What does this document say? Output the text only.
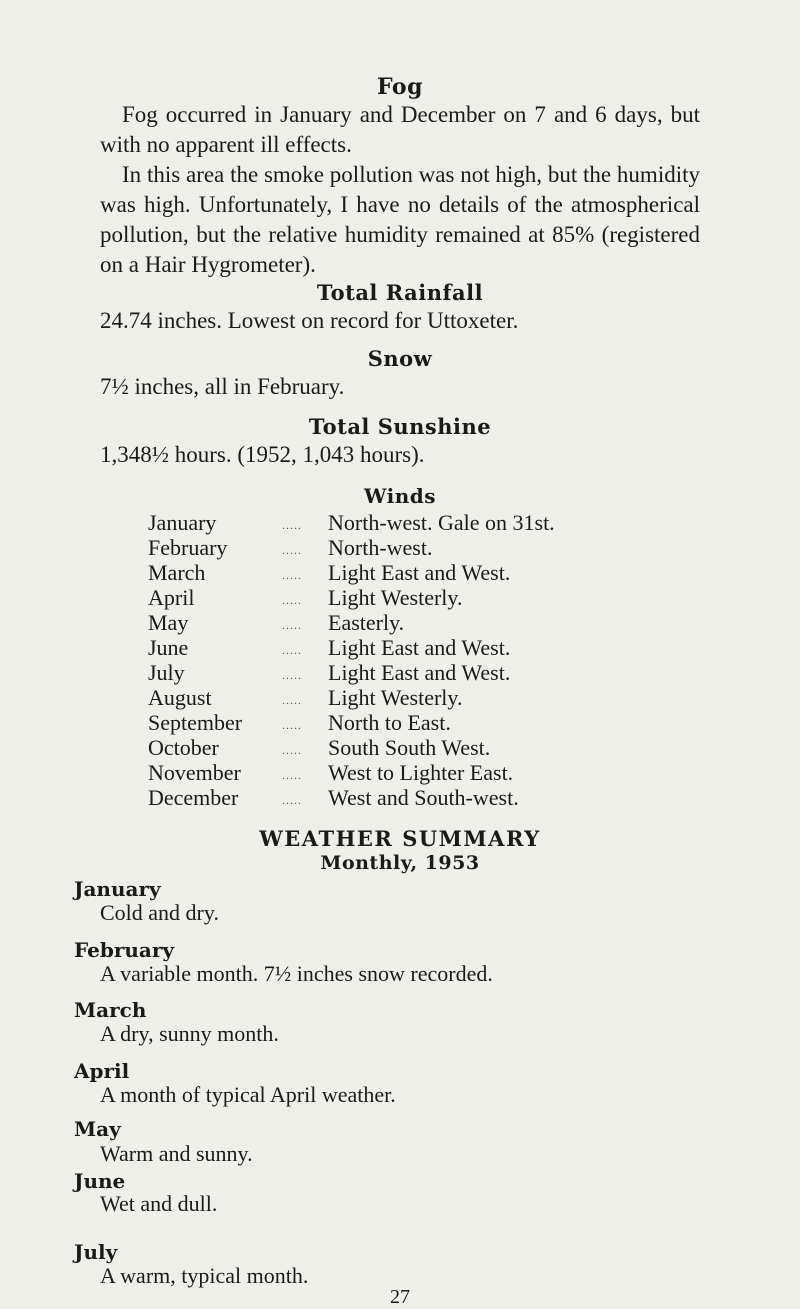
Fog
Fog occurred in January and December on 7 and 6 days, but with no apparent ill effects.
In this area the smoke pollution was not high, but the humidity was high. Unfortunately, I have no details of the atmospherical pollution, but the relative humidity remained at 85% (registered on a Hair Hygrometer).
Total Rainfall
24.74 inches. Lowest on record for Uttoxeter.
Snow
7½ inches, all in February.
Total Sunshine
1,348½ hours. (1952, 1,043 hours).
Winds
January	..... North-west. Gale on 31st.
February	..... North-west.
March	..... Light East and West.
April	..... Light Westerly.
May	..... Easterly.
June	..... Light East and West.
July	..... Light East and West.
August	..... Light Westerly.
September	..... North to East.
October	..... South South West.
November	..... West to Lighter East.
December	..... West and South-west.
WEATHER SUMMARY
Monthly, 1953
January
Cold and dry.
February
A variable month. 7½ inches snow recorded.
March
A dry, sunny month.
April
A month of typical April weather.
May
Warm and sunny.
June
Wet and dull.
July
A warm, typical month.
27
